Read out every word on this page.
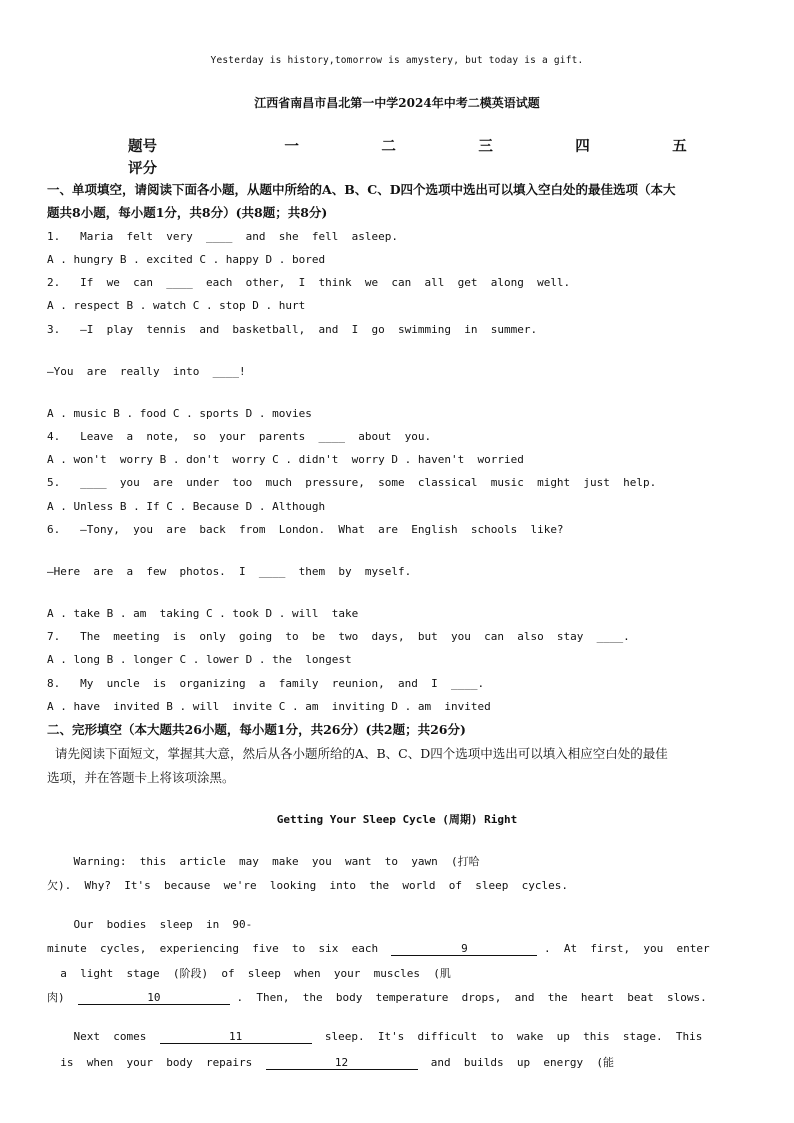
Yesterday is history,tomorrow is amystery, but today is a gift.
江西省南昌市昌北第一中学2024年中考二模英语试题
题号	一	二	三	四	五
评分
一、单项填空，请阅读下面各小题，从题中所给的A、B、C、D四个选项中选出可以填入空白处的最佳选项（本大
题共8小题，每小题1分，共8分）(共8题；共8分)
1.   Maria  felt  very  ____  and  she  fell  asleep.
A . hungry B . excited C . happy D . bored
2.   If  we  can  ____  each  other,  I  think  we  can  all  get  along  well.
A . respect B . watch C . stop D . hurt
3.   —I  play  tennis  and  basketball,  and  I  go  swimming  in  summer.
—You  are  really  into  ____!
A . music B . food C . sports D . movies
4.   Leave  a  note,  so  your  parents  ____  about  you.
A . won't  worry B . don't  worry C . didn't  worry D . haven't  worried
5.   ____  you  are  under  too  much  pressure,  some  classical  music  might  just  help.
A . Unless B . If C . Because D . Although
6.   —Tony,  you  are  back  from  London.  What  are  English  schools  like?
—Here  are  a  few  photos.  I  ____  them  by  myself.
A . take B . am  taking C . took D . will  take
7.   The  meeting  is  only  going  to  be  two  days,  but  you  can  also  stay  ____.
A . long B . longer C . lower D . the  longest
8.   My  uncle  is  organizing  a  family  reunion,  and  I  ____.
A . have  invited B . will  invite C . am  inviting D . am  invited
二、完形填空（本大题共26小题，每小题1分，共26分）(共2题；共26分)
请先阅读下面短文，掌握其大意，然后从各小题所给的A、B、C、D四个选项中选出可以填入相应空白处的最佳
选项，并在答题卡上将该项涂黑。
Getting Your Sleep Cycle (周期) Right
Warning:  this  article  may  make  you  want  to  yawn  (打哈
欠).  Why?  It's  because  we're  looking  into  the  world  of  sleep  cycles.
Our  bodies  sleep  in  90-
minute  cycles,  experiencing  five  to  six  each	9	.  At  first,  you  enter
a  light  stage  (阶段)  of  sleep  when  your  muscles  (肌
肉)	10	.  Then,  the  body  temperature  drops,  and  the  heart  beat  slows.
Next  comes	11	sleep.  It's  difficult  to  wake  up  this  stage.  This
is  when  your  body  repairs	12	and  builds  up  energy  (能
